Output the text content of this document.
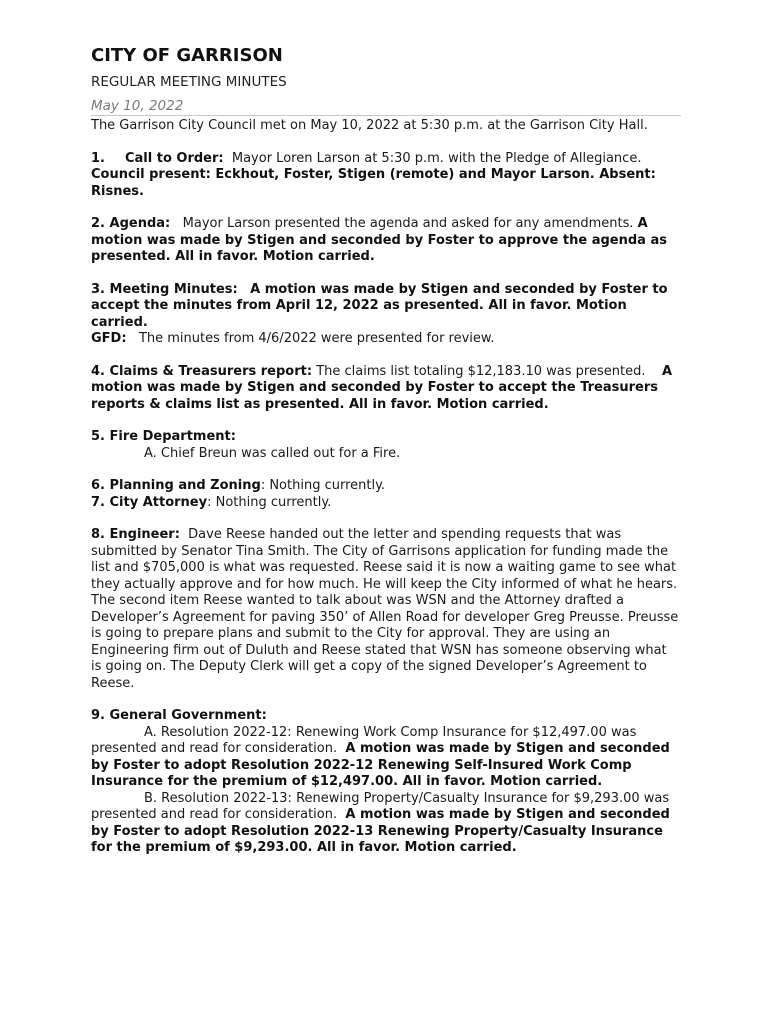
CITY OF GARRISON
REGULAR MEETING MINUTES
May 10, 2022

The Garrison City Council met on May 10, 2022 at 5:30 p.m. at the Garrison City Hall.

1. Call to Order: Mayor Loren Larson at 5:30 p.m. with the Pledge of Allegiance.  Council present: Eckhout, Foster, Stigen (remote) and Mayor Larson. Absent: Risnes.

2. Agenda: Mayor Larson presented the agenda and asked for any amendments. A motion was made by Stigen and seconded by Foster to approve the agenda as presented. All in favor. Motion carried.

3. Meeting Minutes: A motion was made by Stigen and seconded by Foster to accept the minutes from April 12, 2022 as presented. All in favor. Motion carried.
GFD: The minutes from 4/6/2022 were presented for review.

4. Claims & Treasurers report: The claims list totaling $12,183.10 was presented. A motion was made by Stigen and seconded by Foster to accept the Treasurers reports & claims list as presented. All in favor. Motion carried.

5. Fire Department:
A. Chief Breun was called out for a Fire.

6. Planning and Zoning: Nothing currently.

7. City Attorney: Nothing currently.

8. Engineer: Dave Reese handed out the letter and spending requests that was submitted by Senator Tina Smith. The City of Garrisons application for funding made the list and $705,000 is what was requested. Reese said it is now a waiting game to see what they actually approve and for how much. He will keep the City informed of what he hears. The second item Reese wanted to talk about was WSN and the Attorney drafted a Developer’s Agreement for paving 350’ of Allen Road for developer Greg Preusse. Preusse is going to prepare plans and submit to the City for approval. They are using an Engineering firm out of Duluth and Reese stated that WSN has someone observing what is going on. The Deputy Clerk will get a copy of the signed Developer’s Agreement to Reese.

9. General Government:

A. Resolution 2022-12: Renewing Work Comp Insurance for $12,497.00 was presented and read for consideration. A motion was made by Stigen and seconded by Foster to adopt Resolution 2022-12 Renewing Self-Insured Work Comp Insurance for the premium of $12,497.00. All in favor. Motion carried.

B. Resolution 2022-13: Renewing Property/Casualty Insurance for $9,293.00 was presented and read for consideration. A motion was made by Stigen and seconded by Foster to adopt Resolution 2022-13 Renewing Property/Casualty Insurance for the premium of $9,293.00. All in favor. Motion carried.
